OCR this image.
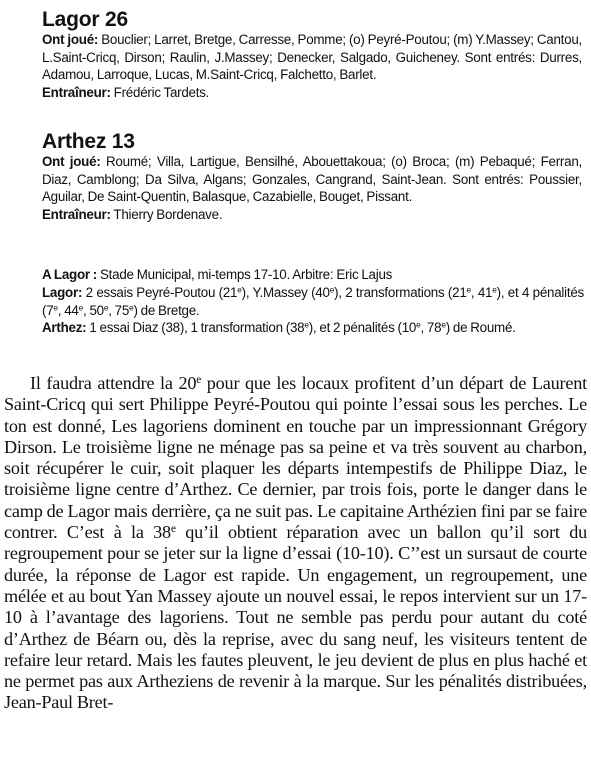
Lagor 26
Ont joué: Bouclier; Larret, Bretge, Carresse, Pomme; (o) Peyré-Poutou; (m) Y.Massey; Cantou, L.Saint-Cricq, Dirson; Raulin, J.Massey; Denecker, Salgado, Guicheney. Sont entrés: Durres, Adamou, Larroque, Lucas, M.Saint-Cricq, Falchetto, Barlet.
Entraîneur: Frédéric Tardets.
Arthez 13
Ont joué: Roumé; Villa, Lartigue, Bensilhé, Abouettakoua; (o) Broca; (m) Pebaqué; Ferran, Diaz, Camblong; Da Silva, Algans; Gonzales, Cangrand, Saint-Jean. Sont entrés: Poussier, Aguilar, De Saint-Quentin, Balasque, Cazabielle, Bouget, Pissant.
Entraîneur: Thierry Bordenave.
A Lagor : Stade Municipal, mi-temps 17-10. Arbitre: Eric Lajus
Lagor: 2 essais Peyré-Poutou (21e), Y.Massey (40e), 2 transformations (21e, 41e), et 4 pénalités (7e, 44e, 50e, 75e) de Bretge.
Arthez: 1 essai Diaz (38), 1 transformation (38e), et 2 pénalités (10e, 78e) de Roumé.
Il faudra attendre la 20e pour que les locaux profitent d’un départ de Laurent Saint-Cricq qui sert Philippe Peyré-Poutou qui pointe l’essai sous les perches. Le ton est donné, Les lagoriens dominent en touche par un impressionnant Grégory Dirson. Le troisième ligne ne ménage pas sa peine et va très souvent au charbon, soit récupérer le cuir, soit plaquer les départs intempestifs de Philippe Diaz, le troisième ligne centre d’Arthez. Ce dernier, par trois fois, porte le danger dans le camp de Lagor mais derrière, ça ne suit pas. Le capitaine Arthézien fini par se faire contrer. C’est à la 38e qu’il obtient réparation avec un ballon qu’il sort du regroupement pour se jeter sur la ligne d’essai (10-10). C’’est un sursaut de courte durée, la réponse de Lagor est rapide. Un engagement, un regroupement, une mélée et au bout Yan Massey ajoute un nouvel essai, le repos intervient sur un 17-10 à l’avantage des lagoriens. Tout ne semble pas perdu pour autant du coté d’Arthez de Béarn ou, dès la reprise, avec du sang neuf, les visiteurs tentent de refaire leur retard. Mais les fautes pleuvent, le jeu devient de plus en plus haché et ne permet pas aux Artheziens de revenir à la marque. Sur les pénalités distribuées, Jean-Paul Bret-
